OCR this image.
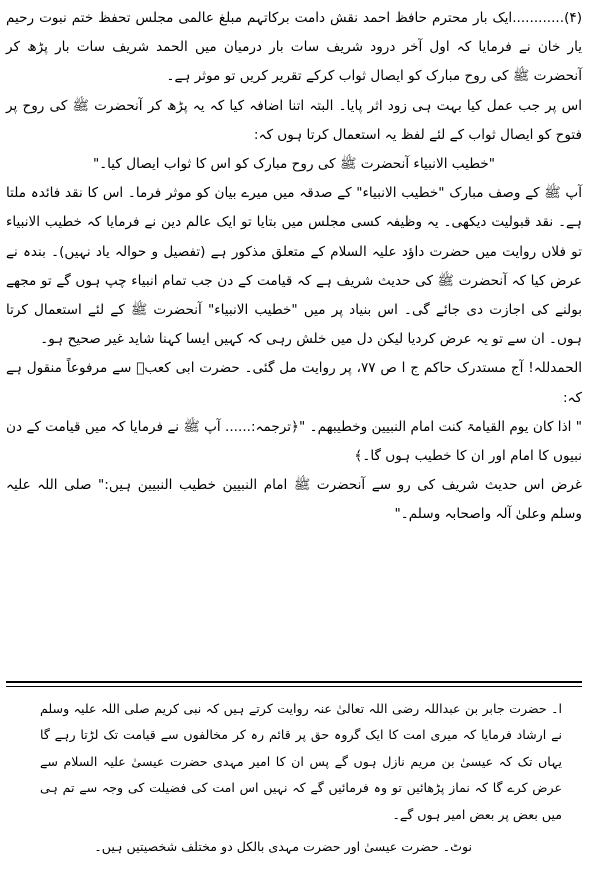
(۴)............ایک بار محترم حافظ احمد نقش دامت برکاتہم مبلغ عالمی مجلس تحفظ ختم نبوت رحیم یار خان نے فرمایا کہ اول آخر درود شریف سات بار درمیان میں الحمد شریف سات بار پڑھ کر آنحضرت ﷺ کی روح مبارک کو ایصال ثواب کرکے تقریر کریں تو موثر ہے۔

اس پر جب عمل کیا بہت ہی زود اثر پایا۔ البتہ اتنا اضافہ کیا کہ یہ پڑھ کر آنحضرت ﷺ کی روح پر فتوح کو ایصال ثواب کے لئے لفظ یہ استعمال کرتا ہوں کہ:

"خطیب الانبیاء آنحضرت ﷺ کی روح مبارک کو اس کا ثواب ایصال کیا۔"

آپ ﷺ کے وصف مبارک "خطیب الانبیاء" کے صدقہ میں میرے بیان کو موثر فرما۔ اس کا نقد فائدہ ملتا ہے۔ نقد قبولیت دیکھی۔ یہ وظیفہ کسی مجلس میں بتایا تو ایک عالم دین نے فرمایا کہ خطیب الانبیاء تو فلاں روایت میں حضرت داؤد علیہ السلام کے متعلق مذکور ہے (تفصیل و حوالہ یاد نہیں)۔ بندہ نے عرض کیا کہ آنحضرت ﷺ کی حدیث شریف ہے کہ قیامت کے دن جب تمام انبیاء چپ ہوں گے تو مجھے بولنے کی اجازت دی جائے گی۔ اس بنیاد پر میں "خطیب الانبیاء" آنحضرت ﷺ کے لئے استعمال کرتا ہوں۔ ان سے تو یہ عرض کردیا لیکن دل میں خلش رہی کہ کہیں ایسا کہنا شاید غیر صحیح ہو۔

الحمدللہ! آج مستدرک حاکم ج ا ص ۷۷، پر روایت مل گئی۔ حضرت ابی کعبؓ سے مرفوعاً منقول ہے کہ:

" اذا کان یوم القیامۃ کنت امام النبیین وخطیبھم۔ "﴿ترجمہ:...... آپ ﷺ نے فرمایا کہ میں قیامت کے دن نبیوں کا امام اور ان کا خطیب ہوں گا۔﴾

غرض اس حدیث شریف کی رو سے آنحضرت ﷺ امام النبیین خطیب النبیین ہیں:" صلی اللہ علیہ وسلم وعلیٰ آلہ واصحابہ وسلم۔"

ا۔ حضرت جابر بن عبداللہ رضی اللہ تعالیٰ عنہ روایت کرتے ہیں کہ نبی کریم صلی اللہ علیہ وسلم نے ارشاد فرمایا کہ میری امت کا ایک گروہ حق پر قائم رہ کر مخالفوں سے قیامت تک لڑتا رہے گا یہاں تک کہ عیسیٰ بن مریم نازل ہوں گے پس ان کا امیر مہدی حضرت عیسیٰ علیہ السلام سے عرض کرے گا کہ نماز پڑھائیں تو وہ فرمائیں گے کہ نہیں اس امت کی فضیلت کی وجہ سے تم ہی میں بعض پر بعض امیر ہوں گے۔

نوٹ۔ حضرت عیسیٰ اور حضرت مہدی بالکل دو مختلف شخصیتیں ہیں۔
